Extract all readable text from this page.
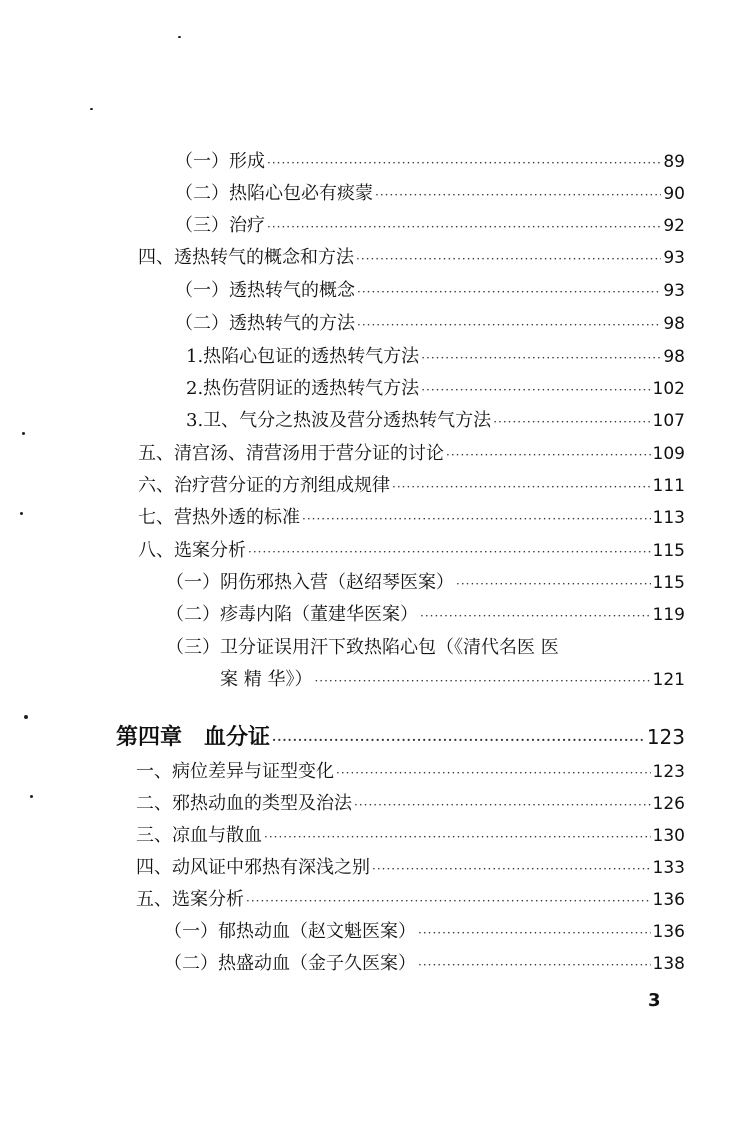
（一）形成 ·····	89
（二）热陷心包必有痰蒙 ·····	90
（三）治疗 ·····	92
四、透热转气的概念和方法 ·····	93
（一）透热转气的概念 ·····	93
（二）透热转气的方法 ·····	98
1.热陷心包证的透热转气方法 ·····	98
2.热伤营阴证的透热转气方法 ·····	102
3.卫、气分之热波及营分透热转气方法 ·····	107
五、清宫汤、清营汤用于营分证的讨论 ·····	109
六、治疗营分证的方剂组成规律 ·····	111
七、营热外透的标准 ·····	113
八、选案分析 ·····	115
（一）阴伤邪热入营（赵绍琴医案） ·····	115
（二）疹毒内陷（董建华医案） ·····	119
（三）卫分证误用汗下致热陷心包（《清代名医 医
案 精 华》） ·····	121
第四章　血分证 ·····	123
一、病位差异与证型变化 ·····	123
二、邪热动血的类型及治法 ·····	126
三、凉血与散血 ·····	130
四、动风证中邪热有深浅之别 ·····	133
五、选案分析 ·····	136
（一）郁热动血（赵文魁医案） ·····	136
（二）热盛动血（金子久医案） ·····	138
3
